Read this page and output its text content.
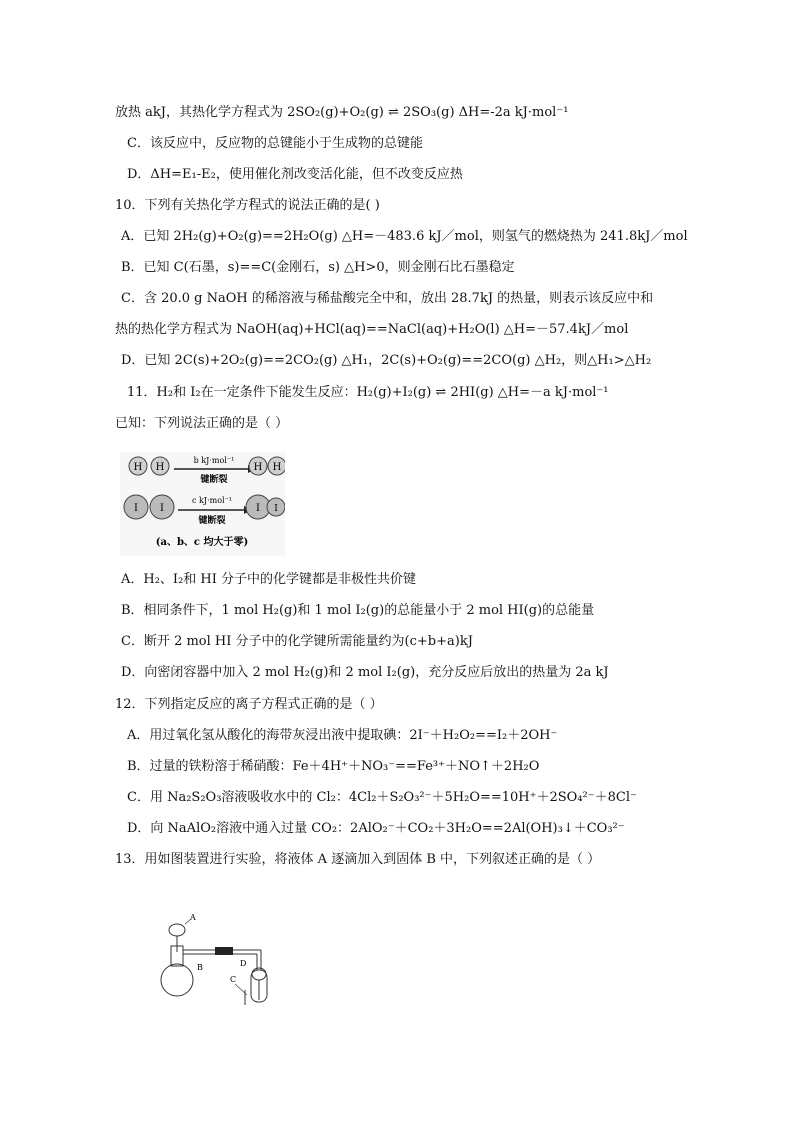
放热 akJ，其热化学方程式为 2SO₂(g)+O₂(g) ⇌ 2SO₃(g) ΔH=-2a kJ·mol⁻¹
C．该反应中，反应物的总键能小于生成物的总键能
D．ΔH=E₁-E₂，使用催化剂改变活化能，但不改变反应热
10．下列有关热化学方程式的说法正确的是( )
A．已知 2H₂(g)+O₂(g)==2H₂O(g) △H=－483.6 kJ／mol，则氢气的燃烧热为 241.8kJ／mol
B．已知 C(石墨，s)==C(金刚石，s) △H>0，则金刚石比石墨稳定
C．含 20.0 g NaOH 的稀溶液与稀盐酸完全中和，放出 28.7kJ 的热量，则表示该反应中和
热的热化学方程式为 NaOH(aq)+HCl(aq)==NaCl(aq)+H₂O(l) △H=－57.4kJ／mol
D．已知 2C(s)+2O₂(g)==2CO₂(g) △H₁，2C(s)+O₂(g)==2CO(g) △H₂，则△H₁>△H₂
11．H₂和 I₂在一定条件下能发生反应：H₂(g)+I₂(g) ⇌ 2HI(g) △H=－a kJ·mol⁻¹
已知：下列说法正确的是（ ）
H H
b kJ·mol⁻¹
键断裂
H H
I I
c kJ·mol⁻¹
键断裂
I I
(a、b、c 均大于零)
A．H₂、I₂和 HI 分子中的化学键都是非极性共价键
B．相同条件下，1 mol H₂(g)和 1 mol I₂(g)的总能量小于 2 mol HI(g)的总能量
C．断开 2 mol HI 分子中的化学键所需能量约为(c+b+a)kJ
D．向密闭容器中加入 2 mol H₂(g)和 2 mol I₂(g)，充分反应后放出的热量为 2a kJ
12．下列指定反应的离子方程式正确的是（ ）
A．用过氧化氢从酸化的海带灰浸出液中提取碘：2I⁻＋H₂O₂==I₂＋2OH⁻
B．过量的铁粉溶于稀硝酸：Fe＋4H⁺＋NO₃⁻==Fe³⁺＋NO↑＋2H₂O
C．用 Na₂S₂O₃溶液吸收水中的 Cl₂：4Cl₂＋S₂O₃²⁻＋5H₂O==10H⁺＋2SO₄²⁻＋8Cl⁻
D．向 NaAlO₂溶液中通入过量 CO₂：2AlO₂⁻＋CO₂＋3H₂O==2Al(OH)₃↓＋CO₃²⁻
13．用如图装置进行实验，将液体 A 逐滴加入到固体 B 中，下列叙述正确的是（ ）
A
B	D
C
